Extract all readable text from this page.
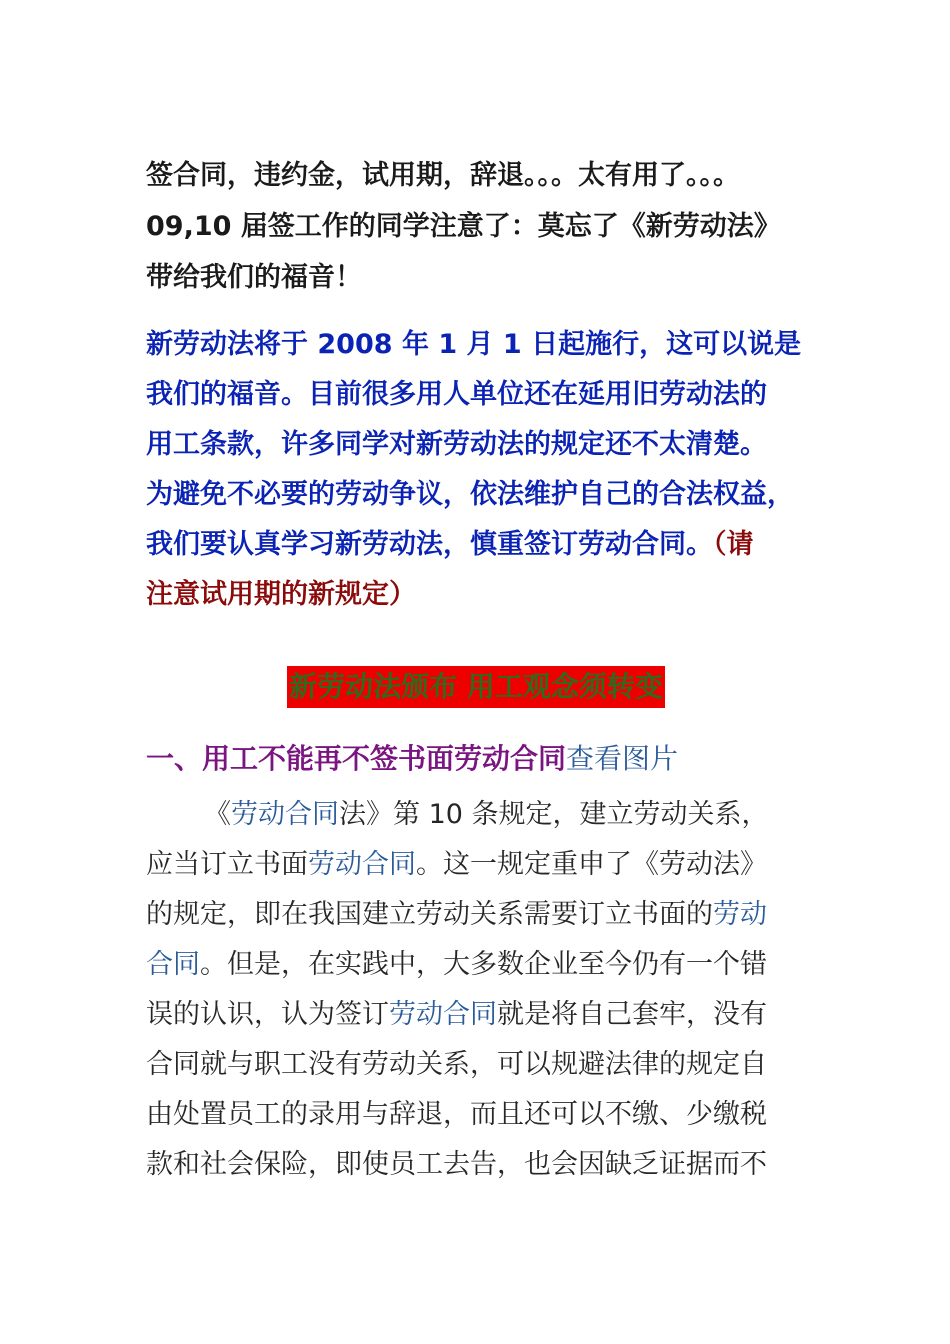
签合同，违约金，试用期，辞退。。。太有用了。。。
09,10 届签工作的同学注意了：莫忘了《新劳动法》
带给我们的福音！
新劳动法将于 2008 年 1 月 1 日起施行，这可以说是
我们的福音。目前很多用人单位还在延用旧劳动法的
用工条款，许多同学对新劳动法的规定还不太清楚。
为避免不必要的劳动争议，依法维护自己的合法权益，
我们要认真学习新劳动法，慎重签订劳动合同。（请
注意试用期的新规定）
新劳动法颁布 用工观念须转变
一、用工不能再不签书面劳动合同查看图片
《劳动合同法》第 10 条规定，建立劳动关系，
应当订立书面劳动合同。这一规定重申了《劳动法》
的规定，即在我国建立劳动关系需要订立书面的劳动
合同。但是，在实践中，大多数企业至今仍有一个错
误的认识，认为签订劳动合同就是将自己套牢，没有
合同就与职工没有劳动关系，可以规避法律的规定自
由处置员工的录用与辞退，而且还可以不缴、少缴税
款和社会保险，即使员工去告，也会因缺乏证据而不
